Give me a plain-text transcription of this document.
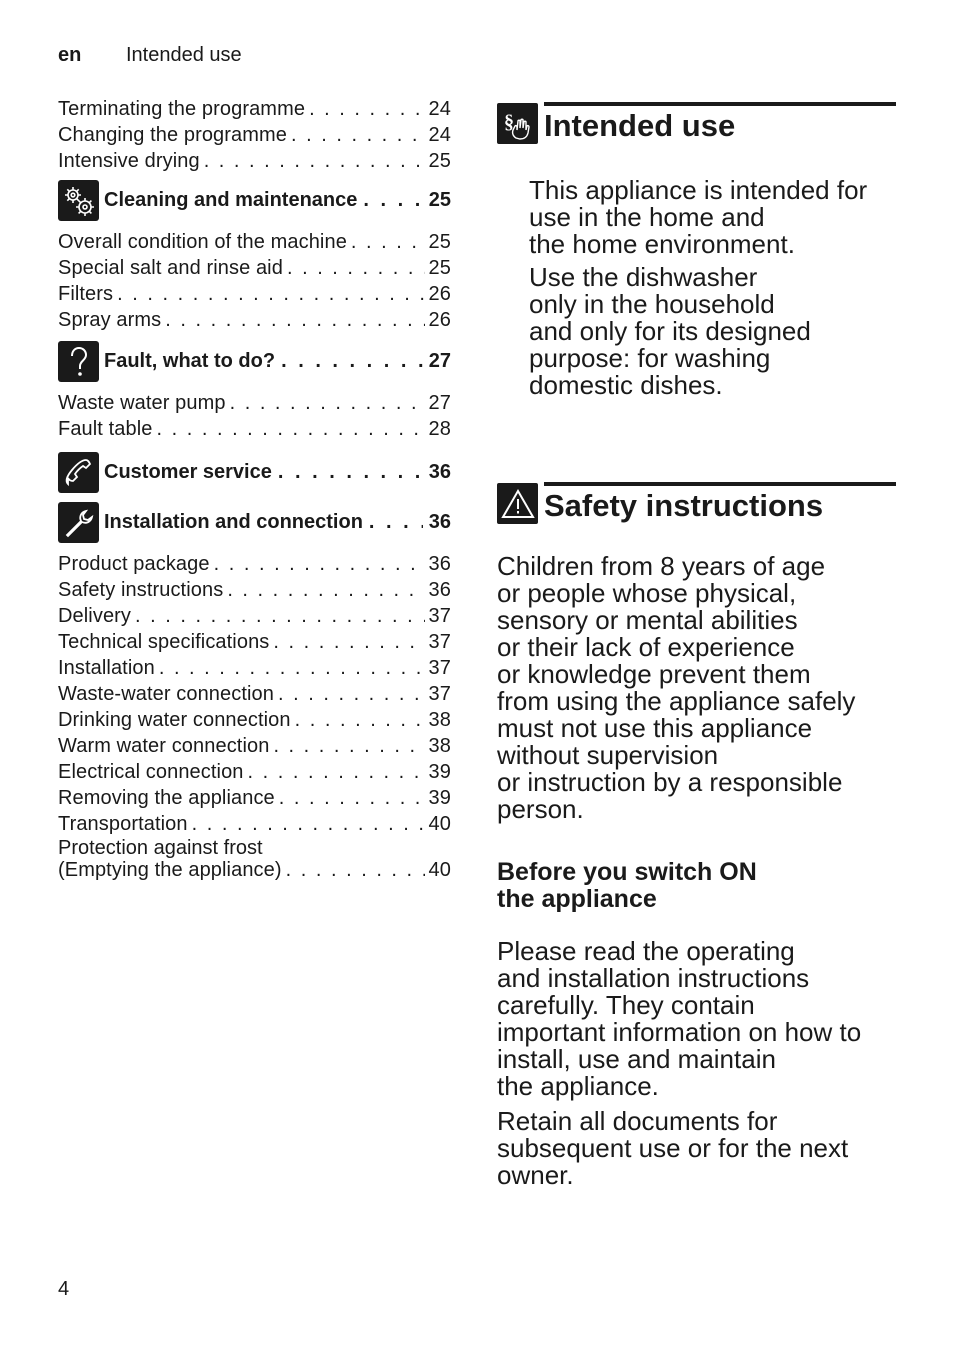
en Intended use
Terminating the programme . . .	24
Changing the programme . . .	24
Intensive drying . . .	25
Cleaning and maintenance . . .	25
Overall condition of the machine . . .	25
Special salt and rinse aid . . .	25
Filters . . .	26
Spray arms . . .	26
Fault, what to do? . . .	27
Waste water pump . . .	27
Fault table . . .	28
Customer service . . .	36
Installation and connection . . .	36
Product package . . .	36
Safety instructions . . .	36
Delivery . . .	37
Technical specifications . . .	37
Installation . . .	37
Waste-water connection . . .	37
Drinking water connection . . .	38
Warm water connection . . .	38
Electrical connection . . .	39
Removing the appliance . . .	39
Transportation . . .	40
Protection against frost
(Emptying the appliance) . . .	40
§ Intended use

This appliance is intended for
use in the home and
the home environment.

Use the dishwasher
only in the household
and only for its designed
purpose: for washing
domestic dishes.

Safety instructions

Children from 8 years of age
or people whose physical,
sensory or mental abilities
or their lack of experience
or knowledge prevent them
from using the appliance safely
must not use this appliance
without supervision
or instruction by a responsible
person.

Before you switch ON
the appliance

Please read the operating
and installation instructions
carefully. They contain
important information on how to
install, use and maintain
the appliance.

Retain all documents for
subsequent use or for the next
owner.

4
